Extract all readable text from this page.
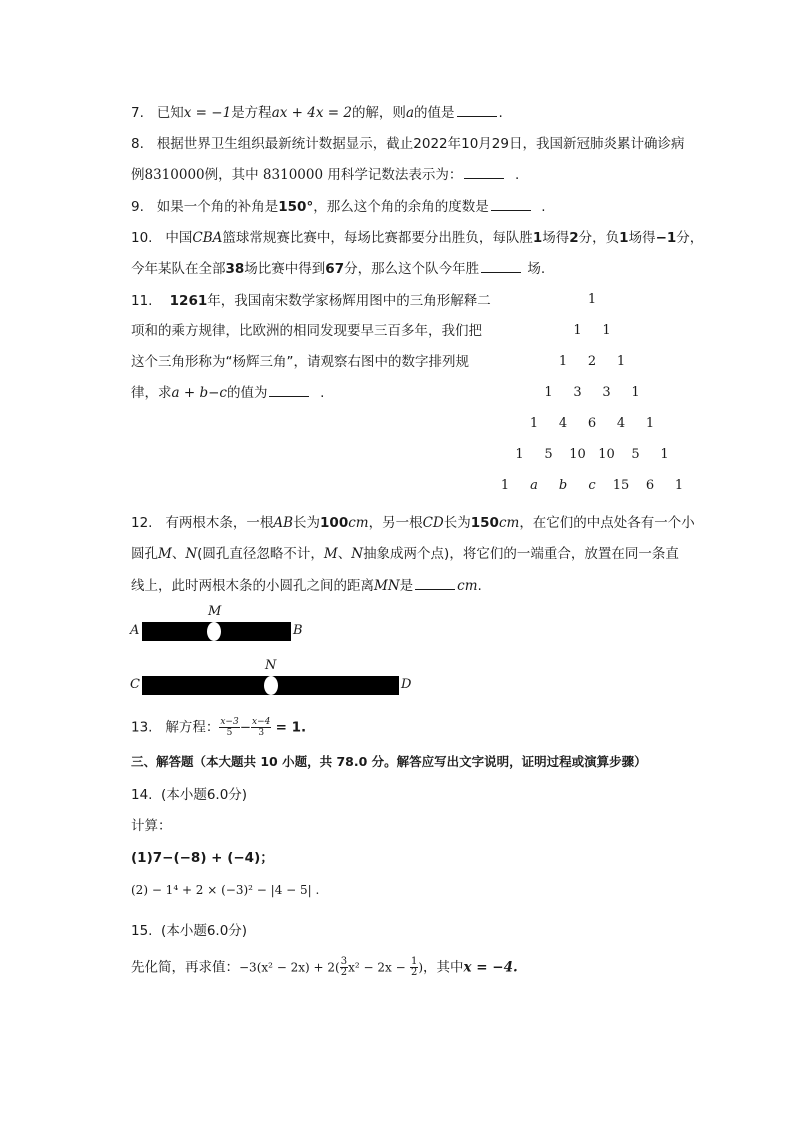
7. 已知x = −1是方程ax + 4x = 2的解，则a的值是	.
8. 根据世界卫生组织最新统计数据显示，截止2022年10月29日，我国新冠肺炎累计确诊病
例8310000例，其中 8310000 用科学记数法表示为：	.
9. 如果一个角的补角是150°，那么这个角的余角的度数是	.
10. 中国CBA篮球常规赛比赛中，每场比赛都要分出胜负，每队胜1场得2分，负1场得−1分，
今年某队在全部38场比赛中得到67分，那么这个队今年胜	场.
11. 1261年，我国南宋数学家杨辉用图中的三角形解释二
项和的乘方规律，比欧洲的相同发现要早三百多年，我们把
这个三角形称为“杨辉三角”，请观察右图中的数字排列规
律，求a + b−c的值为	.
1
1 1
1 2 1
1 3 3 1
1 4 6 4 1
1 5 10 10 5 1
1 a b c 15 6 1
12. 有两根木条，一根AB长为100cm，另一根CD长为150cm，在它们的中点处各有一个小
圆孔M、N(圆孔直径忽略不计，M、N抽象成两个点)，将它们的一端重合，放置在同一条直
线上，此时两根木条的小圆孔之间的距离MN是	cm.
A	B
M
C	D
N
13. 解方程： $\frac{x-3}{5} - \frac{x-4}{3} = 1$.
三、解答题（本大题共 10 小题，共 78.0 分。解答应写出文字说明，证明过程或演算步骤）
14.  (本小题6.0分)
计算：
(1)7−(−8) + (−4)；
(2) − 1⁴ + 2 × (−3)² − |4 − 5| .
15.  (本小题6.0分)
先化简，再求值：$-3(x^2 - 2x) + 2( \frac{3}{2} x^2 - 2x - \frac{1}{2}$ )，其中x = −4.
